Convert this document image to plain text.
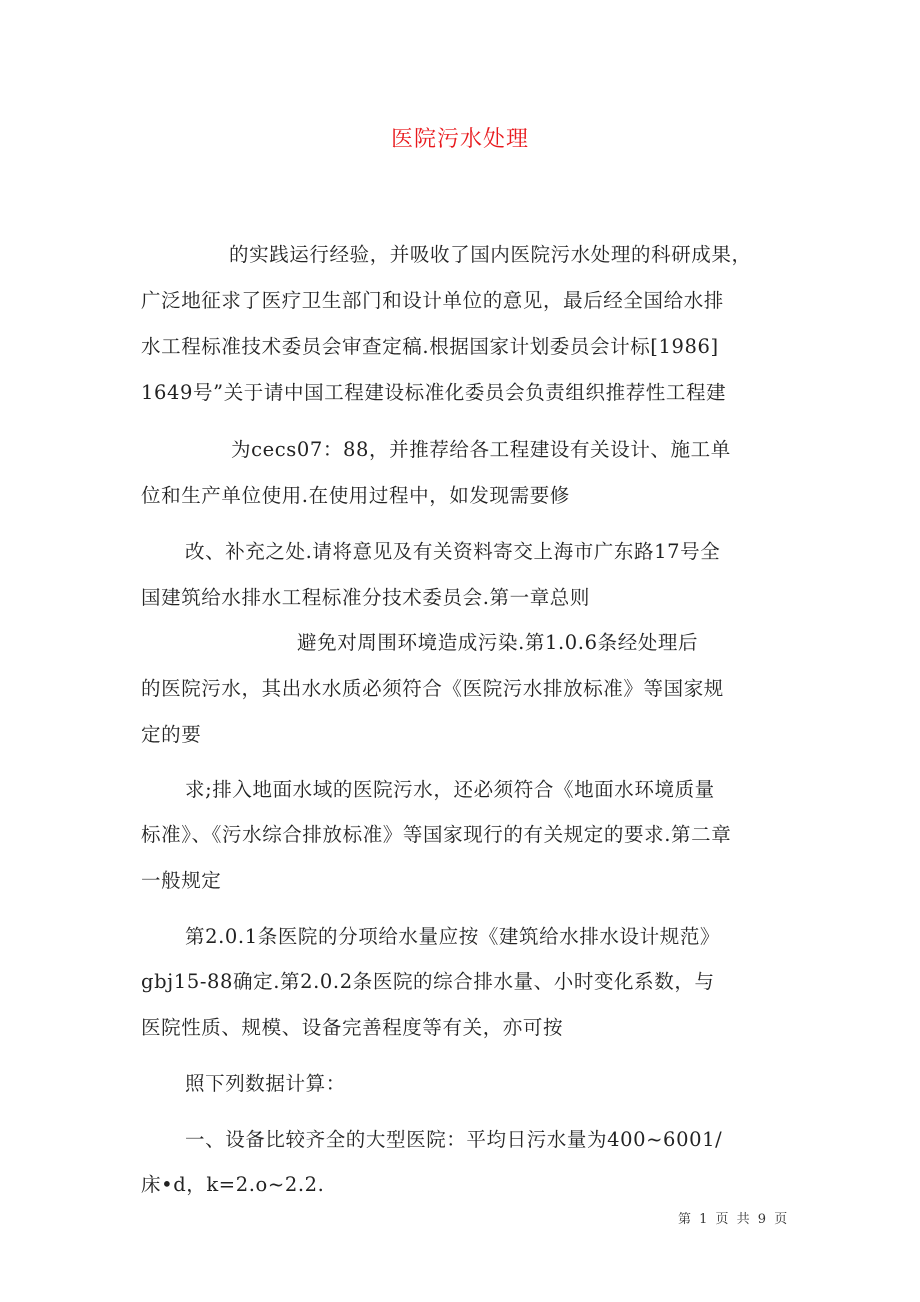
医院污水处理
的实践运行经验，并吸收了国内医院污水处理的科研成果，
广泛地征求了医疗卫生部门和设计单位的意见，最后经全国给水排
水工程标准技术委员会审查定稿.根据国家计划委员会计标[1986]
1649号”关于请中国工程建设标准化委员会负责组织推荐性工程建
为cecs07：88，并推荐给各工程建设有关设计、施工单
位和生产单位使用.在使用过程中，如发现需要修
改、补充之处.请将意见及有关资料寄交上海市广东路17号全
国建筑给水排水工程标准分技术委员会.第一章总则
避免对周围环境造成污染.第1.0.6条经处理后
的医院污水，其出水水质必须符合《医院污水排放标准》等国家规
定的要
求;排入地面水域的医院污水，还必须符合《地面水环境质量
标准》、《污水综合排放标准》等国家现行的有关规定的要求.第二章
一般规定
第2.0.1条医院的分项给水量应按《建筑给水排水设计规范》
gbj15-88确定.第2.0.2条医院的综合排水量、小时变化系数，与
医院性质、规模、设备完善程度等有关，亦可按
照下列数据计算：
一、设备比较齐全的大型医院：平均日污水量为400~6001/
床•d，k=2.o~2.2.
第 1 页 共 9 页
